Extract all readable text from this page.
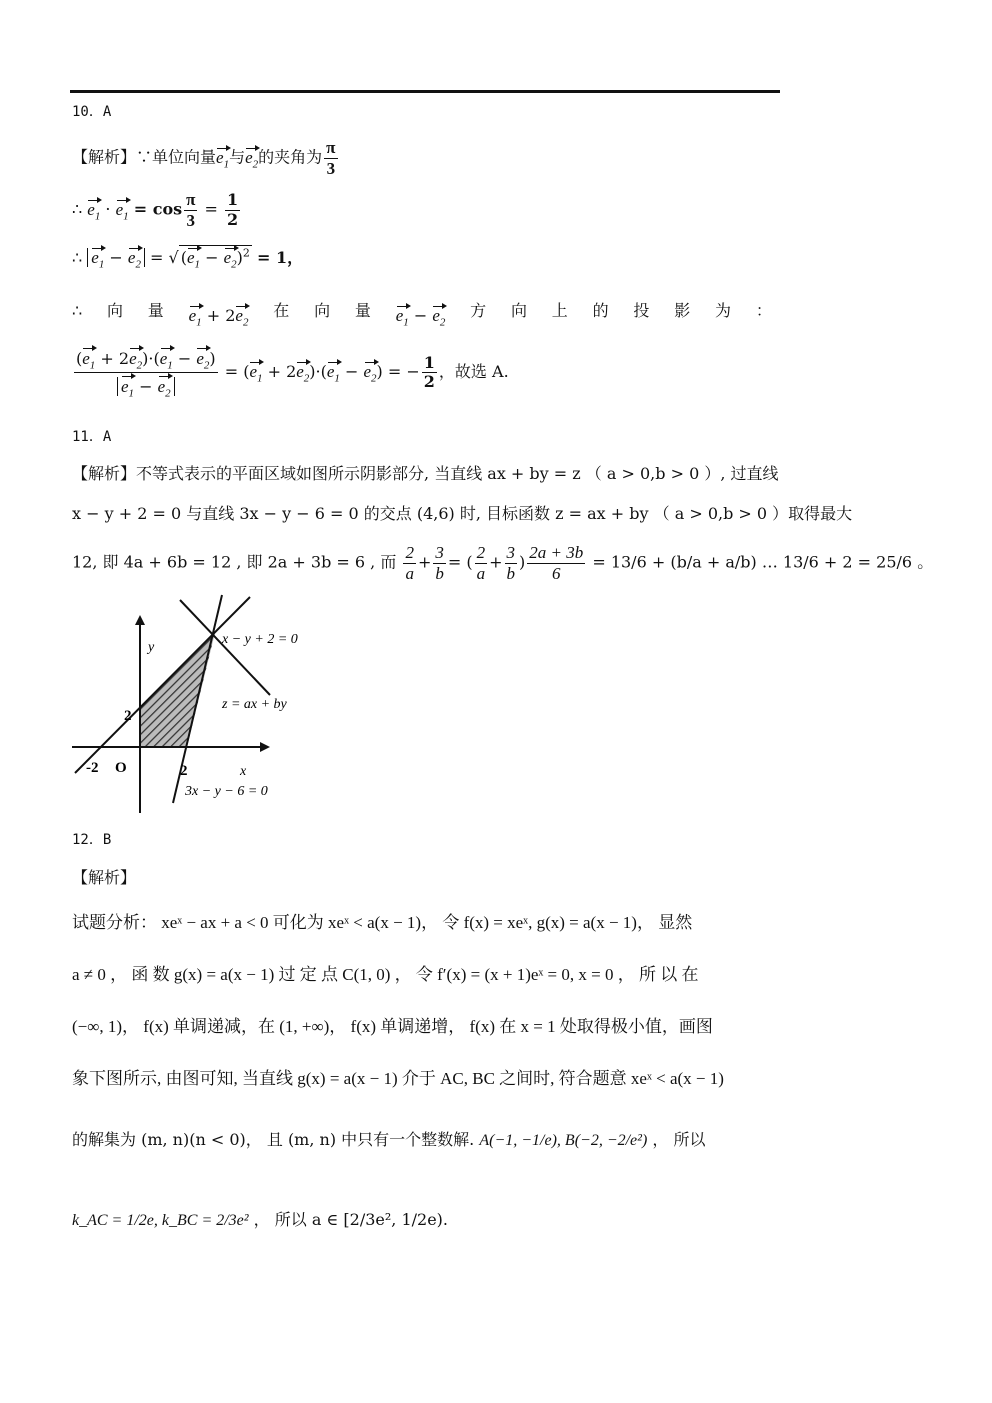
10．A
【解析】∵单位向量$e_1$与$e_2$的夹角为 $\frac{\pi}{3}$
∴ $e_1 \cdot e_1 = \cos \frac{\pi}{3} = \frac{1}{2}$
∴ $e_1 - e_2$ = √ $(e_1 - e_2)^2 = 1$，
∴ 向 量 $e_1 + 2e_2$
在 向 量 $e_1 - e_2$
方 向 上 的 投 影 为 ：
$\frac{(e_1 + 2e_2)\cdot(e_1 - e_2)}{e_1 - e_2} = (e_1 + 2e_2)\cdot(e_1 - e_2)$ = − $\frac{1}{2}$ ，故选 A.
11．A
【解析】不等式表示的平面区域如图所示阴影部分, 当直线 ax + by = z （ a > 0,b > 0 ）, 过直线
x − y + 2 = 0 与直线 3x − y − 6 = 0 的交点 (4,6) 时, 目标函数 z = ax + by （ a > 0,b > 0 ）取得最大
12, 即 4a + 6b = 12 , 即 2a + 3b = 6 , 而 $\frac{2}{a} + \frac{3}{b}$ = ( $\frac{2}{a} + \frac{3}{b}$ ) $\frac{2a + 3b}{6} = 13/6 + (b/a + a/b)$ … 13/6 + 2 = 25/6 。
x − y + 2 = 0
z = ax + by
3x − y − 6 = 0
y
x
-2 O
2
2
12．B
【解析】
试题分析： xeˣ − ax + a < 0 可化为 xeˣ < a(x − 1)， 令 f(x) = xeˣ, g(x) = a(x − 1)， 显然
a ≠ 0 ， 函 数 g(x) = a(x − 1) 过 定 点 C(1, 0) ， 令 f′(x) = (x + 1)eˣ = 0, x = 0 ， 所 以 在
(−∞, 1)， f(x) 单调递减，在 (1, +∞)， f(x) 单调递增， f(x) 在 x = 1 处取得极小值，画图
象下图所示, 由图可知, 当直线 g(x) = a(x − 1) 介于 AC, BC 之间时, 符合题意 xeˣ < a(x − 1)
的解集为 (m, n)(n < 0)， 且 (m, n) 中只有一个整数解. A(−1, −1/e), B(−2, −2/e²) ， 所以
k_AC = 1/2e, k_BC = 2/3e² ， 所以 a ∈ [2/3e², 1/2e).
